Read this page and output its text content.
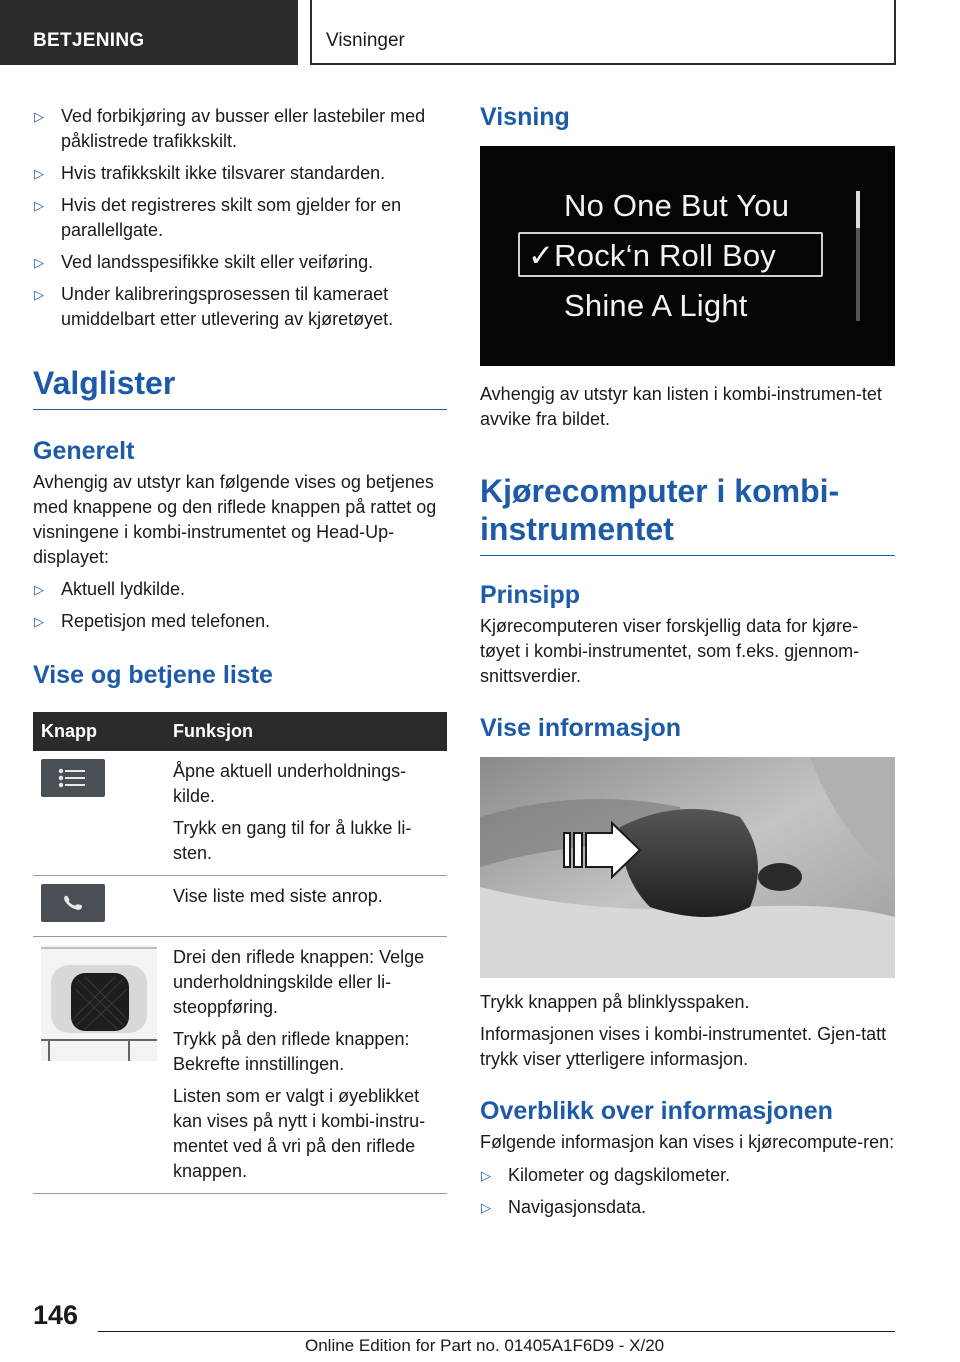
BETJENING	Visninger
▷ Ved forbikjøring av busser eller lastebiler med påklistrede trafikkskilt.
▷ Hvis trafikkskilt ikke tilsvarer standarden.
▷ Hvis det registreres skilt som gjelder for en parallellgate.
▷ Ved landsspesifikke skilt eller veiføring.
▷ Under kalibreringsprosessen til kameraet umiddelbart etter utlevering av kjøretøyet.
Valglister
Generelt

Avhengig av utstyr kan følgende vises og betjenes med knappene og den riflede knappen på rattet og visningene i kombi-instrumentet og Head-Up-displayet:

▷ Aktuell lydkilde.
▷ Repetisjon med telefonen.
Vise og betjene liste
Knapp	Funksjon

Åpne aktuell underholdnings-kilde.

Trykk en gang til for å lukke li-sten.

Vise liste med siste anrop.

Drei den riflede knappen: Velge underholdningskilde eller li-steoppføring.

Trykk på den riflede knappen: Bekrefte innstillingen.

Listen som er valgt i øyeblikket kan vises på nytt i kombi-instru-mentet ved å vri på den riflede knappen.

Visning
No One But You
✓Rock‘n Roll Boy
Shine A Light

Avhengig av utstyr kan listen i kombi-instrumen-tet avvike fra bildet.

Kjørecomputer i kombi-instrumentet
Prinsipp

Kjørecomputeren viser forskjellig data for kjøre-tøyet i kombi-instrumentet, som f.eks. gjennom-snittsverdier.

Vise informasjon

Trykk knappen på blinklysspaken.

Informasjonen vises i kombi-instrumentet. Gjen-tatt trykk viser ytterligere informasjon.

Overblikk over informasjonen

Følgende informasjon kan vises i kjørecompute-ren:

▷ Kilometer og dagskilometer.
▷ Navigasjonsdata.
146
Online Edition for Part no. 01405A1F6D9 - X/20
